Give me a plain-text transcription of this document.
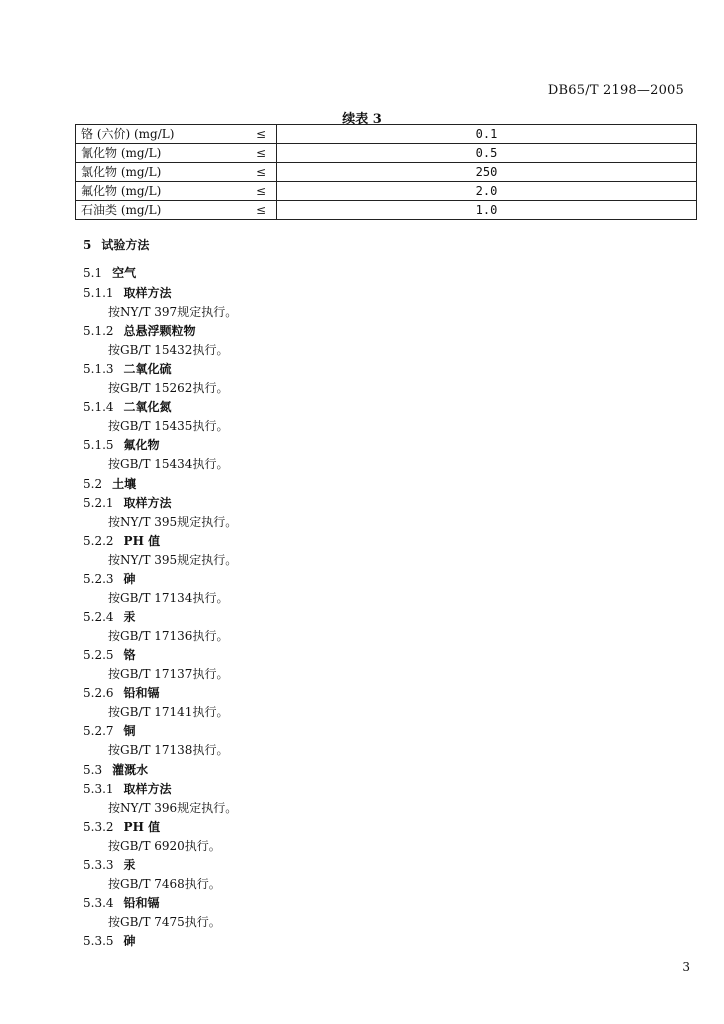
DB65/T 2198—2005
续表 3
铬 (六价) (mg/L)	≤	0.1
氰化物 (mg/L)	≤	0.5
氯化物 (mg/L)	≤	250
氟化物 (mg/L)	≤	2.0
石油类 (mg/L)	≤	1.0
5 试验方法
5.1 空气
5.1.1 取样方法
按NY/T 397规定执行。
5.1.2 总悬浮颗粒物
按GB/T 15432执行。
5.1.3 二氧化硫
按GB/T 15262执行。
5.1.4 二氧化氮
按GB/T 15435执行。
5.1.5 氟化物
按GB/T 15434执行。
5.2 土壤
5.2.1 取样方法
按NY/T 395规定执行。
5.2.2 PH 值
按NY/T 395规定执行。
5.2.3 砷
按GB/T 17134执行。
5.2.4 汞
按GB/T 17136执行。
5.2.5 铬
按GB/T 17137执行。
5.2.6 铅和镉
按GB/T 17141执行。
5.2.7 铜
按GB/T 17138执行。
5.3 灌溉水
5.3.1 取样方法
按NY/T 396规定执行。
5.3.2 PH 值
按GB/T 6920执行。
5.3.3 汞
按GB/T 7468执行。
5.3.4 铅和镉
按GB/T 7475执行。
5.3.5 砷
3
